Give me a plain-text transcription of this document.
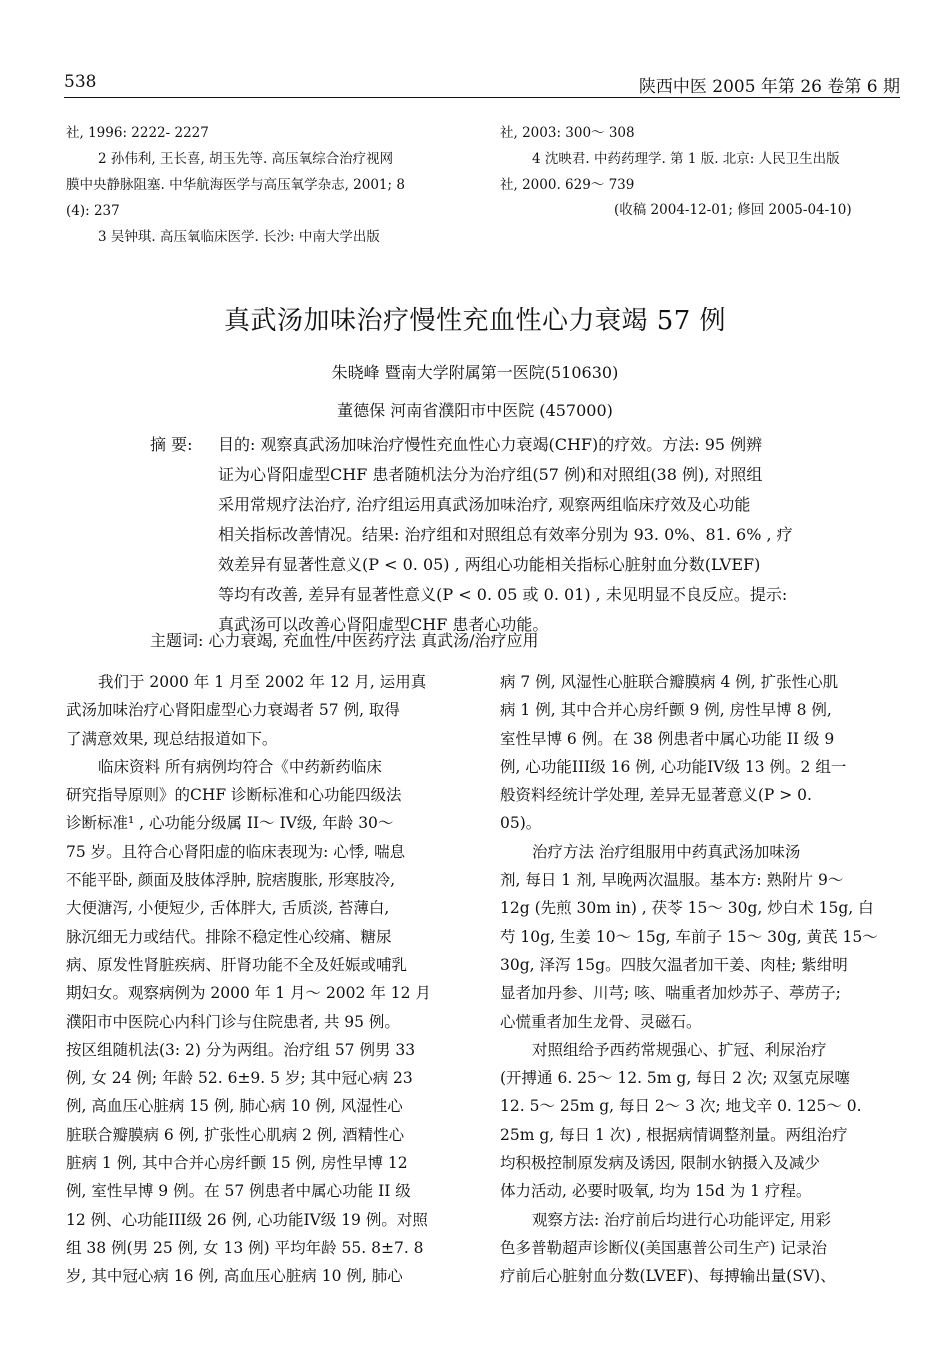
538	陕西中医 2005 年第 26 卷第 6 期
社, 1996: 2222- 2227
2 孙伟利, 王长喜, 胡玉先等. 高压氧综合治疗视网
膜中央静脉阻塞. 中华航海医学与高压氧学杂志, 2001; 8
(4): 237
3 吴钟琪. 高压氧临床医学. 长沙: 中南大学出版
社, 2003: 300～ 308
4 沈映君. 中药药理学. 第 1 版. 北京: 人民卫生出版
社, 2000. 629～ 739
(收稿 2004-12-01; 修回 2005-04-10)
真武汤加味治疗慢性充血性心力衰竭 57 例
朱晓峰 暨南大学附属第一医院(510630)
董德保 河南省濮阳市中医院 (457000)
摘 要: 目的: 观察真武汤加味治疗慢性充血性心力衰竭(CHF)的疗效。方法: 95 例辨
证为心肾阳虚型CHF 患者随机法分为治疗组(57 例)和对照组(38 例), 对照组
采用常规疗法治疗, 治疗组运用真武汤加味治疗, 观察两组临床疗效及心功能
相关指标改善情况。结果: 治疗组和对照组总有效率分别为 93. 0%、81. 6% , 疗
效差异有显著性意义(P < 0. 05) , 两组心功能相关指标心脏射血分数(LVEF)
等均有改善, 差异有显著性意义(P < 0. 05 或 0. 01) , 未见明显不良反应。提示:
真武汤可以改善心肾阳虚型CHF 患者心功能。
主题词: 心力衰竭, 充血性/中医药疗法 真武汤/治疗应用
我们于 2000 年 1 月至 2002 年 12 月, 运用真
武汤加味治疗心肾阳虚型心力衰竭者 57 例, 取得
了满意效果, 现总结报道如下。
临床资料 所有病例均符合《中药新药临床
研究指导原则》的CHF 诊断标准和心功能四级法
诊断标准¹ , 心功能分级属 II～ IV级, 年龄 30～
75 岁。且符合心肾阳虚的临床表现为: 心悸, 喘息
不能平卧, 颜面及肢体浮肿, 脘痞腹胀, 形寒肢冷,
大便溏泻, 小便短少, 舌体胖大, 舌质淡, 苔薄白,
脉沉细无力或结代。排除不稳定性心绞痛、糖尿
病、原发性肾脏疾病、肝肾功能不全及妊娠或哺乳
期妇女。观察病例为 2000 年 1 月～ 2002 年 12 月
濮阳市中医院心内科门诊与住院患者, 共 95 例。
按区组随机法(3: 2) 分为两组。治疗组 57 例男 33
例, 女 24 例; 年龄 52. 6±9. 5 岁; 其中冠心病 23
例, 高血压心脏病 15 例, 肺心病 10 例, 风湿性心
脏联合瓣膜病 6 例, 扩张性心肌病 2 例, 酒精性心
脏病 1 例, 其中合并心房纤颤 15 例, 房性早博 12
例, 室性早博 9 例。在 57 例患者中属心功能 II 级
12 例、心功能III级 26 例, 心功能IV级 19 例。对照
组 38 例(男 25 例, 女 13 例) 平均年龄 55. 8±7. 8
岁, 其中冠心病 16 例, 高血压心脏病 10 例, 肺心
病 7 例, 风湿性心脏联合瓣膜病 4 例, 扩张性心肌
病 1 例, 其中合并心房纤颤 9 例, 房性早博 8 例,
室性早博 6 例。在 38 例患者中属心功能 II 级 9
例, 心功能III级 16 例, 心功能IV级 13 例。2 组一
般资料经统计学处理, 差异无显著意义(P > 0.
05)。
治疗方法 治疗组服用中药真武汤加味汤
剂, 每日 1 剂, 早晚两次温服。基本方: 熟附片 9～
12g (先煎 30m in) , 茯苓 15～ 30g, 炒白术 15g, 白
芍 10g, 生姜 10～ 15g, 车前子 15～ 30g, 黄芪 15～
30g, 泽泻 15g。四肢欠温者加干姜、肉桂; 紫绀明
显者加丹参、川芎; 咳、喘重者加炒苏子、葶苈子;
心慌重者加生龙骨、灵磁石。
对照组给予西药常规强心、扩冠、利尿治疗
(开搏通 6. 25～ 12. 5m g, 每日 2 次; 双氢克尿噻
12. 5～ 25m g, 每日 2～ 3 次; 地戈辛 0. 125～ 0.
25m g, 每日 1 次) , 根据病情调整剂量。两组治疗
均积极控制原发病及诱因, 限制水钠摄入及减少
体力活动, 必要时吸氧, 均为 15d 为 1 疗程。
观察方法: 治疗前后均进行心功能评定, 用彩
色多普勒超声诊断仪(美国惠普公司生产) 记录治
疗前后心脏射血分数(LVEF)、每搏输出量(SV)、
